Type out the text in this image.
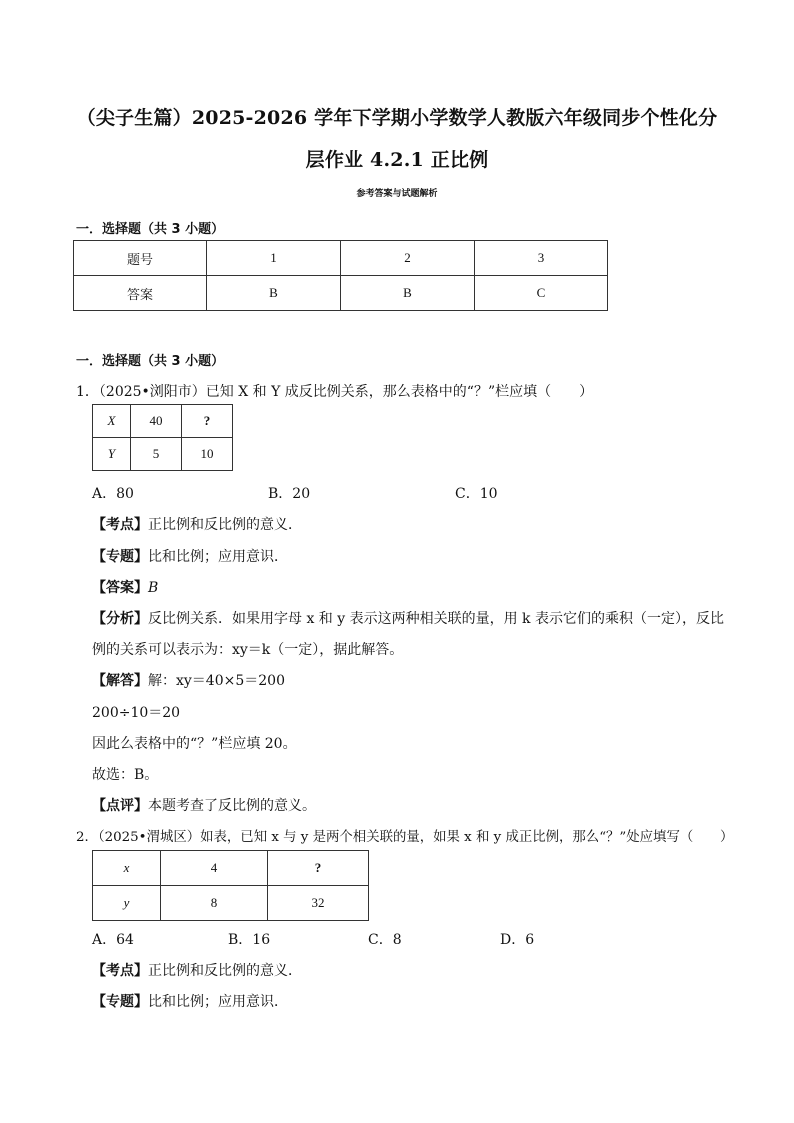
（尖子生篇）2025-2026 学年下学期小学数学人教版六年级同步个性化分
层作业 4.2.1 正比例
参考答案与试题解析
一．选择题（共 3 小题）
题号	1	2	3
答案	B	B	C
一．选择题（共 3 小题）
1．（2025•浏阳市）已知 X 和 Y 成反比例关系，那么表格中的“？”栏应填（　　）
X	40	?
Y	5	10
A．80	B．20	C．10
【考点】正比例和反比例的意义．
【专题】比和比例；应用意识．
【答案】B
【分析】反比例关系．如果用字母 x 和 y 表示这两种相关联的量，用 k 表示它们的乘积（一定），反比
例的关系可以表示为：xy＝k（一定），据此解答。
【解答】解：xy＝40×5＝200
200÷10＝20
因此么表格中的“？”栏应填 20。
故选：B。
【点评】本题考查了反比例的意义。
2．（2025•渭城区）如表，已知 x 与 y 是两个相关联的量，如果 x 和 y 成正比例，那么“？”处应填写（　　）
x	4	?
y	8	32
A．64	B．16	C．8	D．6
【考点】正比例和反比例的意义．
【专题】比和比例；应用意识．
